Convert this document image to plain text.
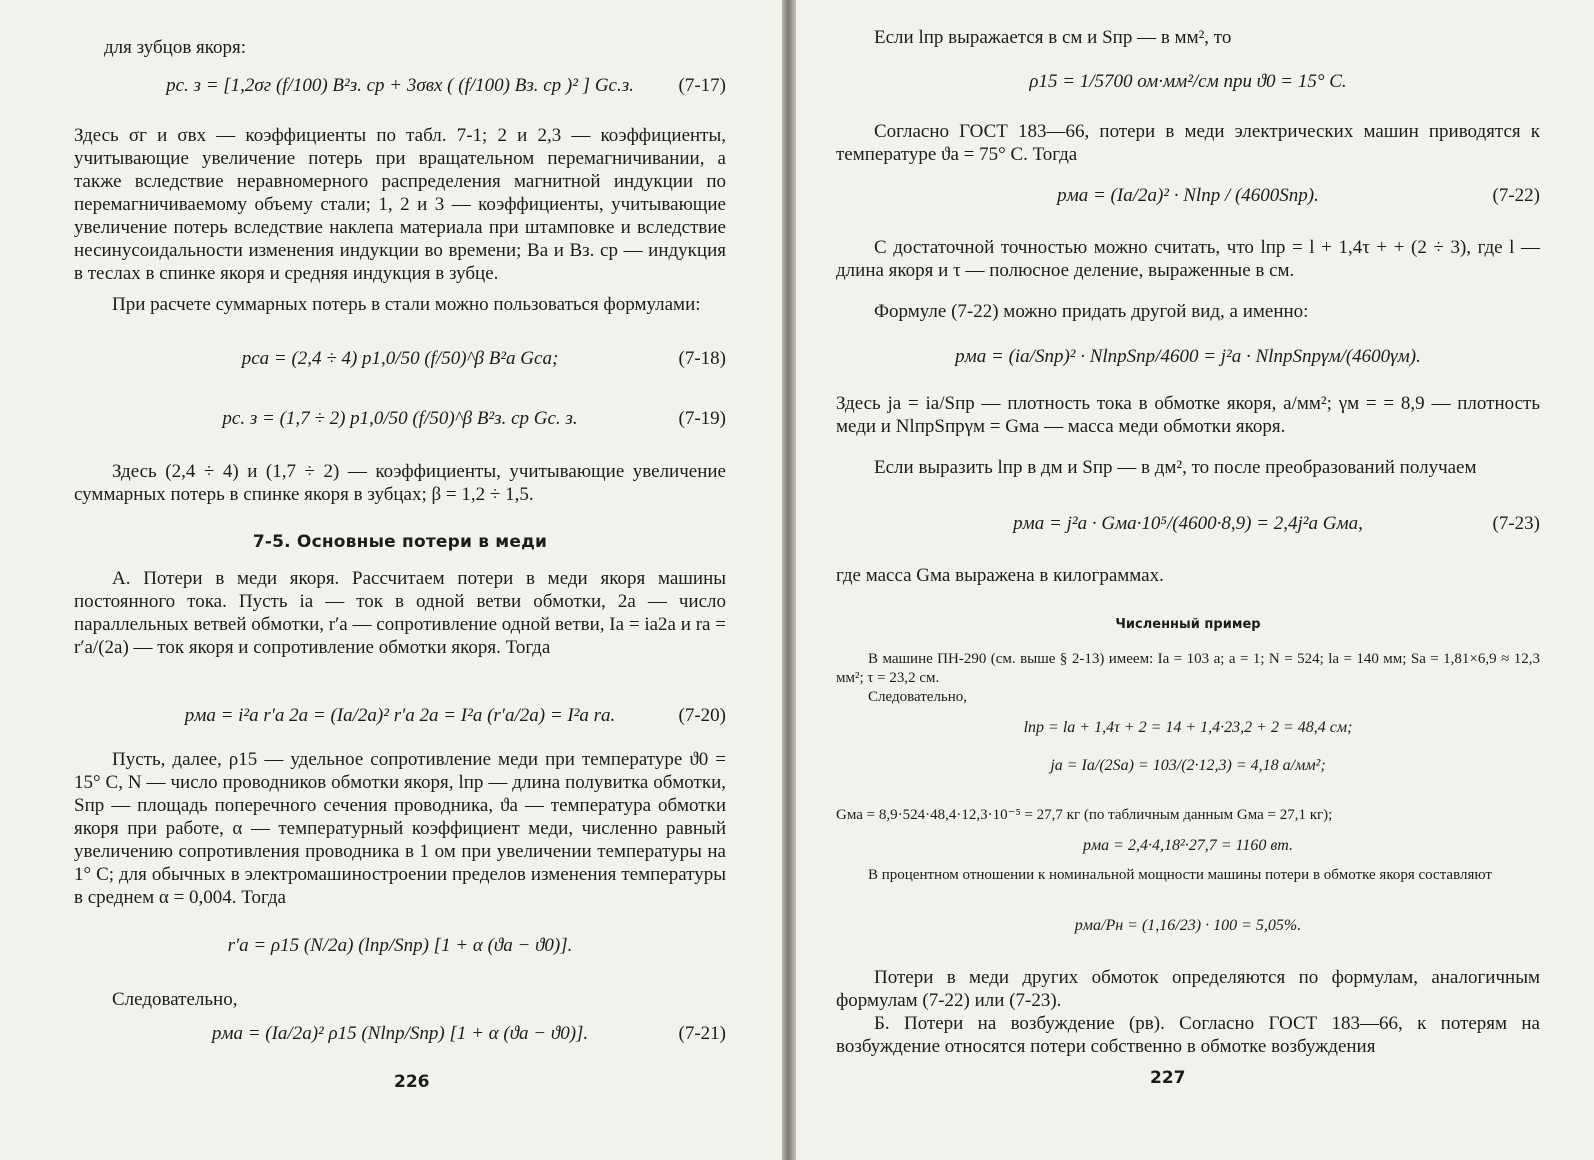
для зубцов якоря:

pс. з = [1,2σг (f/100) B²з. ср + 3σвх ( (f/100) Bз. ср )² ] Gс.з.	(7-17)

Здесь σг и σвх — коэффициенты по табл. 7-1; 2 и 2,3 — коэффициенты, учитывающие увеличение потерь при вращательном перемагничивании, а также вследствие неравномерного распределения магнитной индукции по перемагничиваемому объему стали; 1, 2 и 3 — коэффициенты, учитывающие увеличение потерь вследствие наклепа материала при штамповке и вследствие несинусоидальности изменения индукции во времени; Ba и Bз. ср — индукция в теслах в спинке якоря и средняя индукция в зубце.

При расчете суммарных потерь в стали можно пользоваться формулами:

pca = (2,4 ÷ 4) p1,0/50 (f/50)^β B²a Gca;	(7-18)
pс. з = (1,7 ÷ 2) p1,0/50 (f/50)^β B²з. ср Gс. з.	(7-19)

Здесь (2,4 ÷ 4) и (1,7 ÷ 2) — коэффициенты, учитывающие увеличение суммарных потерь в спинке якоря в зубцах; β = 1,2 ÷ 1,5.

7-5. Основные потери в меди

А. Потери в меди якоря. Рассчитаем потери в меди якоря машины постоянного тока. Пусть ia — ток в одной ветви обмотки, 2a — число параллельных ветвей обмотки, r′a — сопротивление одной ветви, Ia = ia2a и ra = r′a/(2a) — ток якоря и сопротивление обмотки якоря. Тогда

pма = i²a r′a 2a = (Ia/2a)² r′a 2a = I²a (r′a/2a) = I²a ra.	(7-20)

Пусть, далее, ρ15 — удельное сопротивление меди при температуре ϑ0 = 15° C, N — число проводников обмотки якоря, lпр — длина полувитка обмотки, Sпр — площадь поперечного сечения проводника, ϑa — температура обмотки якоря при работе, α — температурный коэффициент меди, численно равный увеличению сопротивления проводника в 1 ом при увеличении температуры на 1° C; для обычных в электромашиностроении пределов изменения температуры в среднем α = 0,004. Тогда

r′a = ρ15 (N/2a) (lпр/Sпр) [1 + α (ϑa − ϑ0)].

Следовательно,

pма = (Ia/2a)² ρ15 (Nlпр/Sпр) [1 + α (ϑa − ϑ0)].	(7-21)
226

Если lпр выражается в см и Sпр — в мм², то

ρ15 = 1/5700 ом·мм²/см при ϑ0 = 15° C.

Согласно ГОСТ 183—66, потери в меди электрических машин приводятся к температуре ϑa = 75° C. Тогда

pма = (Ia/2a)² · Nlпр / (4600Sпр).	(7-22)

С достаточной точностью можно считать, что lпр = l + 1,4τ + + (2 ÷ 3), где l — длина якоря и τ — полюсное деление, выраженные в см.

Формуле (7-22) можно придать другой вид, а именно:

pма = (ia/Sпр)² · NlпрSпр/4600 = j²a · NlпрSпрγм/(4600γм).

Здесь ja = ia/Sпр — плотность тока в обмотке якоря, а/мм²; γм = = 8,9 — плотность меди и NlпрSпрγм = Gма — масса меди обмотки якоря.

Если выразить lпр в дм и Sпр — в дм², то после преобразований получаем

pма = j²a · Gма·10⁵/(4600·8,9) = 2,4j²a Gма,	(7-23)

где масса Gма выражена в килограммах.

Численный пример

В машине ПН-290 (см. выше § 2-13) имеем: Ia = 103 а; a = 1; N = 524; la = 140 мм; Sa = 1,81×6,9 ≈ 12,3 мм²; τ = 23,2 см.

Следовательно,

lпр = la + 1,4τ + 2 = 14 + 1,4·23,2 + 2 = 48,4 см;
ja = Ia/(2Sa) = 103/(2·12,3) = 4,18 а/мм²;

Gма = 8,9·524·48,4·12,3·10⁻⁵ = 27,7 кг (по табличным данным Gма = 27,1 кг);

pма = 2,4·4,18²·27,7 = 1160 вт.

В процентном отношении к номинальной мощности машины потери в обмотке якоря составляют

pма/Pн = (1,16/23) · 100 = 5,05%.

Потери в меди других обмоток определяются по формулам, аналогичным формулам (7-22) или (7-23).

Б. Потери на возбуждение (pв). Согласно ГОСТ 183—66, к потерям на возбуждение относятся потери собственно в обмотке возбуждения

227
